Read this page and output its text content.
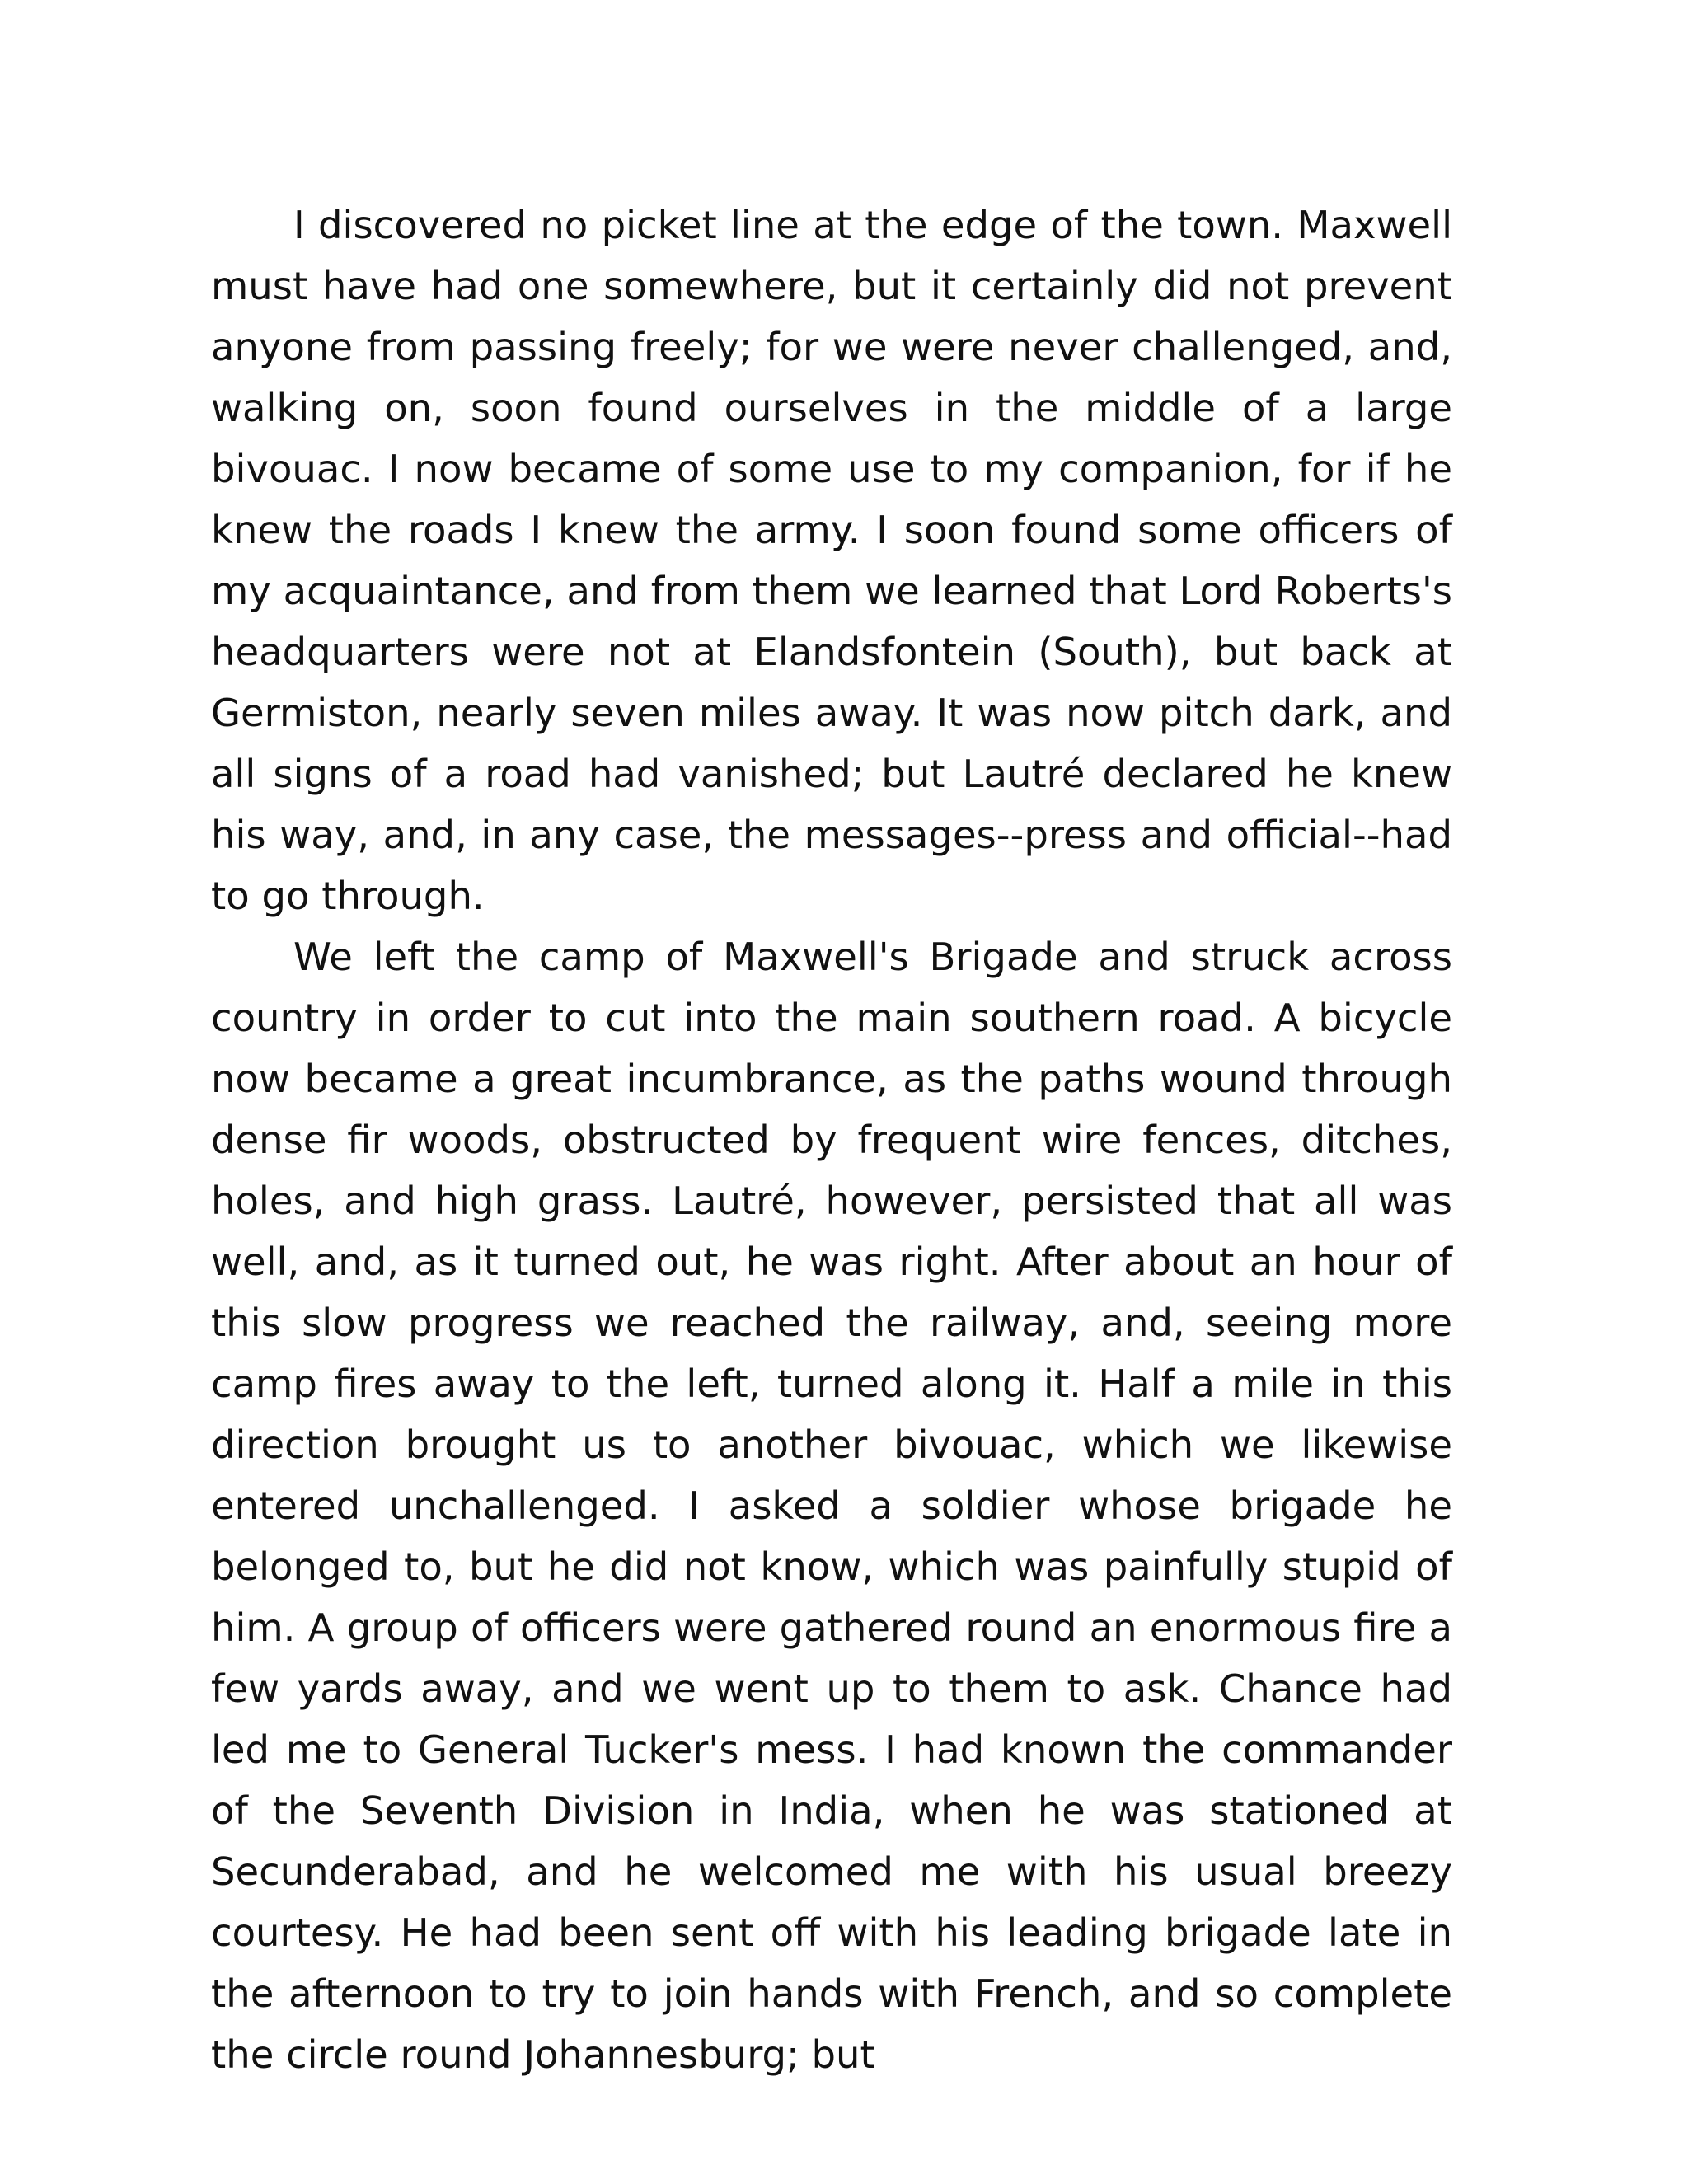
I discovered no picket line at the edge of the town. Maxwell must have had one somewhere, but it certainly did not prevent anyone from passing freely; for we were never challenged, and, walking on, soon found ourselves in the middle of a large bivouac. I now became of some use to my companion, for if he knew the roads I knew the army. I soon found some officers of my acquaintance, and from them we learned that Lord Roberts's headquarters were not at Elandsfontein (South), but back at Germiston, nearly seven miles away. It was now pitch dark, and all signs of a road had vanished; but Lautré declared he knew his way, and, in any case, the messages--press and official--had to go through.

We left the camp of Maxwell's Brigade and struck across country in order to cut into the main southern road. A bicycle now became a great incumbrance, as the paths wound through dense fir woods, obstructed by frequent wire fences, ditches, holes, and high grass. Lautré, however, persisted that all was well, and, as it turned out, he was right. After about an hour of this slow progress we reached the railway, and, seeing more camp fires away to the left, turned along it. Half a mile in this direction brought us to another bivouac, which we likewise entered unchallenged. I asked a soldier whose brigade he belonged to, but he did not know, which was painfully stupid of him. A group of officers were gathered round an enormous fire a few yards away, and we went up to them to ask. Chance had led me to General Tucker's mess. I had known the commander of the Seventh Division in India, when he was stationed at Secunderabad, and he welcomed me with his usual breezy courtesy. He had been sent off with his leading brigade late in the afternoon to try to join hands with French, and so complete the circle round Johannesburg; but
